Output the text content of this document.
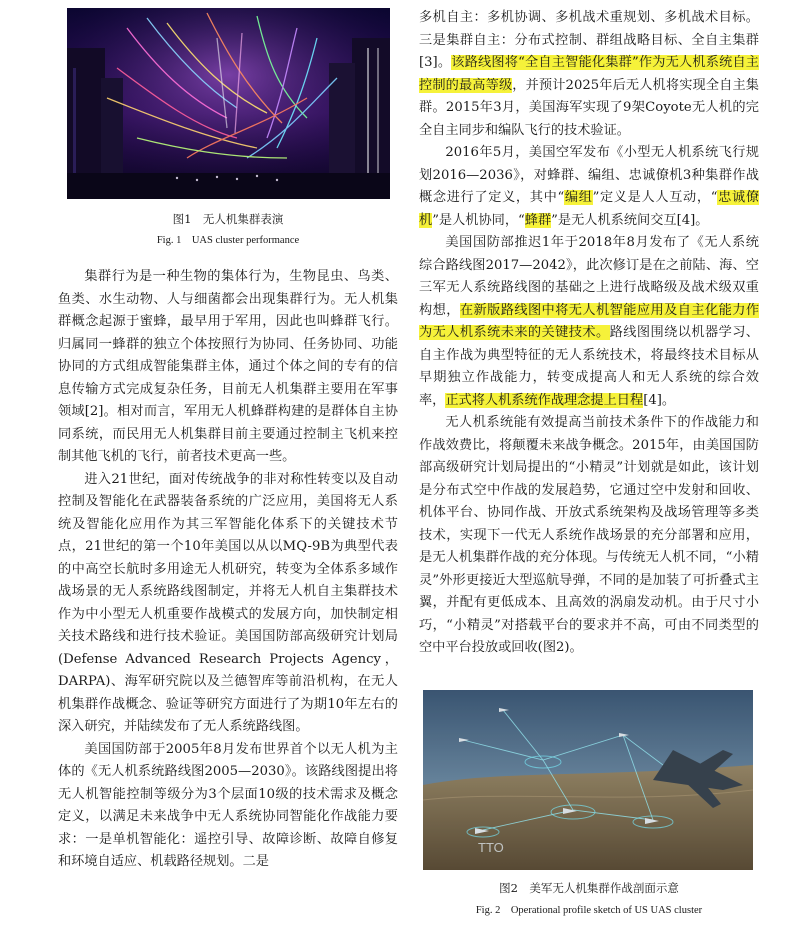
图1　无人机集群表演
Fig. 1　UAS cluster performance

集群行为是一种生物的集体行为，生物昆虫、鸟类、鱼类、水生动物、人与细菌都会出现集群行为。无人机集群概念起源于蜜蜂，最早用于军用，因此也叫蜂群飞行。归属同一蜂群的独立个体按照行为协同、任务协同、功能协同的方式组成智能集群主体，通过个体之间的专有的信息传输方式完成复杂任务，目前无人机集群主要用在军事领域[2]。相对而言，军用无人机蜂群构建的是群体自主协同系统，而民用无人机集群目前主要通过控制主飞机来控制其他飞机的飞行，前者技术更高一些。

进入21世纪，面对传统战争的非对称性转变以及自动控制及智能化在武器装备系统的广泛应用，美国将无人系统及智能化应用作为其三军智能化体系下的关键技术节点，21世纪的第一个10年美国以从以MQ-9B为典型代表的中高空长航时多用途无人机研究，转变为全体系多域作战场景的无人系统路线图制定，并将无人机自主集群技术作为中小型无人机重要作战模式的发展方向，加快制定相关技术路线和进行技术验证。美国国防部高级研究计划局(Defense Advanced Research Projects Agency，DARPA)、海军研究院以及兰德智库等前沿机构，在无人机集群作战概念、验证等研究方面进行了为期10年左右的深入研究，并陆续发布了无人系统路线图。

美国国防部于2005年8月发布世界首个以无人机为主体的《无人机系统路线图2005—2030》。该路线图提出将无人机智能控制等级分为3个层面10级的技术需求及概念定义，以满足未来战争中无人系统协同智能化作战能力要求：一是单机智能化：遥控引导、故障诊断、故障自修复和环境自适应、机载路径规划。二是

多机自主：多机协调、多机战术重规划、多机战术目标。三是集群自主：分布式控制、群组战略目标、全自主集群[3]。该路线图将“全自主智能化集群”作为无人机系统自主控制的最高等级，并预计2025年后无人机将实现全自主集群。2015年3月，美国海军实现了9架Coyote无人机的完全自主同步和编队飞行的技术验证。

2016年5月，美国空军发布《小型无人机系统飞行规划2016—2036》，对蜂群、编组、忠诚僚机3种集群作战概念进行了定义，其中“编组”定义是人人互动，“忠诚僚机”是人机协同，“蜂群”是无人机系统间交互[4]。

美国国防部推迟1年于2018年8月发布了《无人系统综合路线图2017—2042》，此次修订是在之前陆、海、空三军无人系统路线图的基础之上进行战略级及战术级双重构想，在新版路线图中将无人机智能应用及自主化能力作为无人机系统未来的关键技术。路线图围绕以机器学习、自主作战为典型特征的无人系统技术，将最终技术目标从早期独立作战能力，转变成提高人和无人系统的综合效率，正式将人机系统作战理念提上日程[4]。

无人机系统能有效提高当前技术条件下的作战能力和作战效费比，将颠覆未来战争概念。2015年，由美国国防部高级研究计划局提出的“小精灵”计划就是如此，该计划是分布式空中作战的发展趋势，它通过空中发射和回收、机体平台、协同作战、开放式系统架构及战场管理等多类技术，实现下一代无人系统作战场景的充分部署和应用，是无人机集群作战的充分体现。与传统无人机不同，“小精灵”外形更接近大型巡航导弹，不同的是加装了可折叠式主翼，并配有更低成本、且高效的涡扇发动机。由于尺寸小巧，“小精灵”对搭载平台的要求并不高，可由不同类型的空中平台投放或回收(图2)。

TTO
图2　美军无人机集群作战剖面示意
Fig. 2　Operational profile sketch of US UAS cluster
